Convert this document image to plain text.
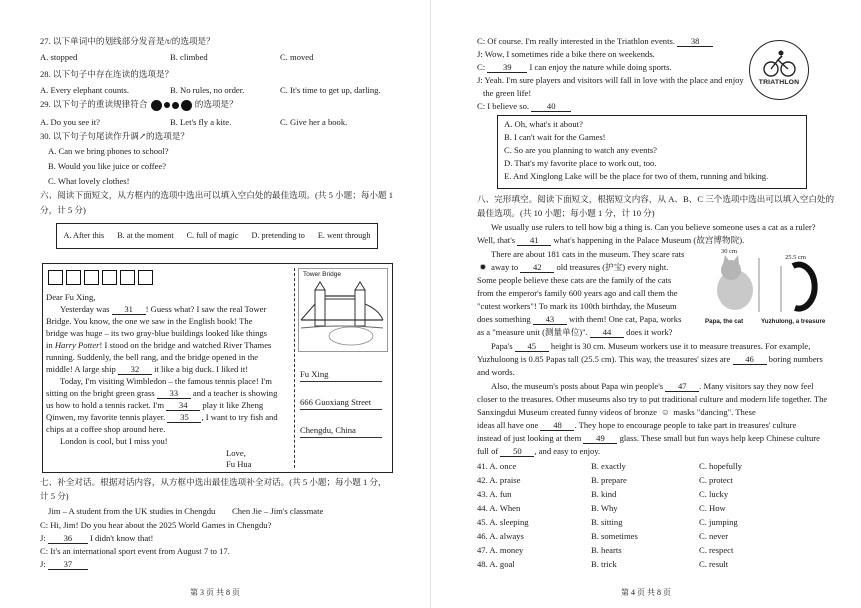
27. 以下单词中的划线部分发音是/t/的选项是？
A. stopped	B. climbed	C. moved
28. 以下句子中存在连读的选项是？
A. Every elephant counts.	B. No rules, no order.	C. It's time to get up, darling.
29. 以下句子的重读规律符合	的选项是？
A. Do you see it?	B. Let's fly a kite.	C. Give her a book.
30. 以下句子句尾读作升调↗的选项是？
A. Can we bring phones to school?
B. Would you like juice or coffee?
C. What lovely clothes!
六、阅读下面短文，从方框内的选项中选出可以填入空白处的最佳选项。(共 5 小题；每小题 1
分，计 5 分)
A. After this B. at the moment C. full of magic D. pretending to E. went through
Dear Fu Xing,
Yesterday was 31 ! Guess what? I saw the real Tower
Bridge. You know, the one we saw in the English book! The
bridge was huge – its two gray-blue buildings looked like things
in Harry Potter! I stood on the bridge and watched River Thames
running. Suddenly, the bell rang, and the bridge opened in the
middle! A large ship 32 it like a big duck. I liked it!
Today, I'm visiting Wimbledon – the famous tennis place! I'm
sitting on the bright green grass 33 and a teacher is showing
us how to hold a tennis racket. I'm 34 play it like Zheng
Qinwen, my favorite tennis player. 35 , I want to try fish and
chips at a coffee shop around here.
London is cool, but I miss you!
Love,
Fu Hua
Tower Bridge
Fu Xing
666 Guoxiang Street
Chengdu, China
七、补全对话。根据对话内容，从方框中选出最佳选项补全对话。(共 5 小题；每小题 1 分，
计 5 分)
Jim – A student from the UK studies in Chengdu Chen Jie – Jim's classmate
C: Hi, Jim! Do you hear about the 2025 World Games in Chengdu?
J: 36 I didn't know that!
C: It's an international sport event from August 7 to 17.
J: 37
第 3 页 共 8 页
C: Of course. I'm really interested in the Triathlon events. 38
J: Wow, I sometimes ride a bike there on weekends.
C: 39 I can enjoy the nature while doing sports.
J: Yeah. I'm sure players and visitors will fall in love with the place and enjoy
the green life!
C: I believe so. 40
TRIATHLON
A. Oh, what's it about?
B. I can't wait for the Games!
C. So are you planning to watch any events?
D. That's my favorite place to work out, too.
E. And Xinglong Lake will be the place for two of them, running and biking.
八、完形填空。阅读下面短文，根据短文内容，从 A、B、C 三个选项中选出可以填入空白处的
最佳选项。(共 10 小题；每小题 1 分，计 10 分)
We usually use rulers to tell how big a thing is. Can you believe someone uses a cat as a ruler?
Well, that's 41 what's happening in the Palace Museum (故宫博物院).
There are about 181 cats in the museum. They scare rats
✹ away to 42 old treasures (护宝) every night.
Some people believe these cats are the family of the cats
from the emperor's family 600 years ago and call them the
"cutest workers"! To mark its 100th birthday, the Museum
does something 43 with them! One cat, Papa, works
as a "measure unit (测量单位)". 44 does it work?
30 cm
25.5 cm
Papa, the cat	Yuzhulong, a treasure
Papa's 45 height is 30 cm. Museum workers use it to measure treasures. For example,
Yuzhuloong is 0.85 Papas tall (25.5 cm). This way, the treasures' sizes are 46 boring numbers
and words.
Also, the museum's posts about Papa win people's 47 . Many visitors say they now feel
closer to the treasures. Other museums also try to put traditional culture and modern life together. The
Sanxingdui Museum created funny videos of bronze ☺ masks "dancing". These
ideas all have one 48 . They hope to encourage people to take part in treasures' culture
instead of just looking at them 49 glass. These small but fun ways help keep Chinese culture
full of 50 , and easy to enjoy.
41. A. once	B. exactly	C. hopefully
42. A. praise	B. prepare	C. protect
43. A. fun	B. kind	C. lucky
44. A. When	B. Why	C. How
45. A. sleeping	B. sitting	C. jumping
46. A. always	B. sometimes	C. never
47. A. money	B. hearts	C. respect
48. A. goal	B. trick	C. result
第 4 页 共 8 页
